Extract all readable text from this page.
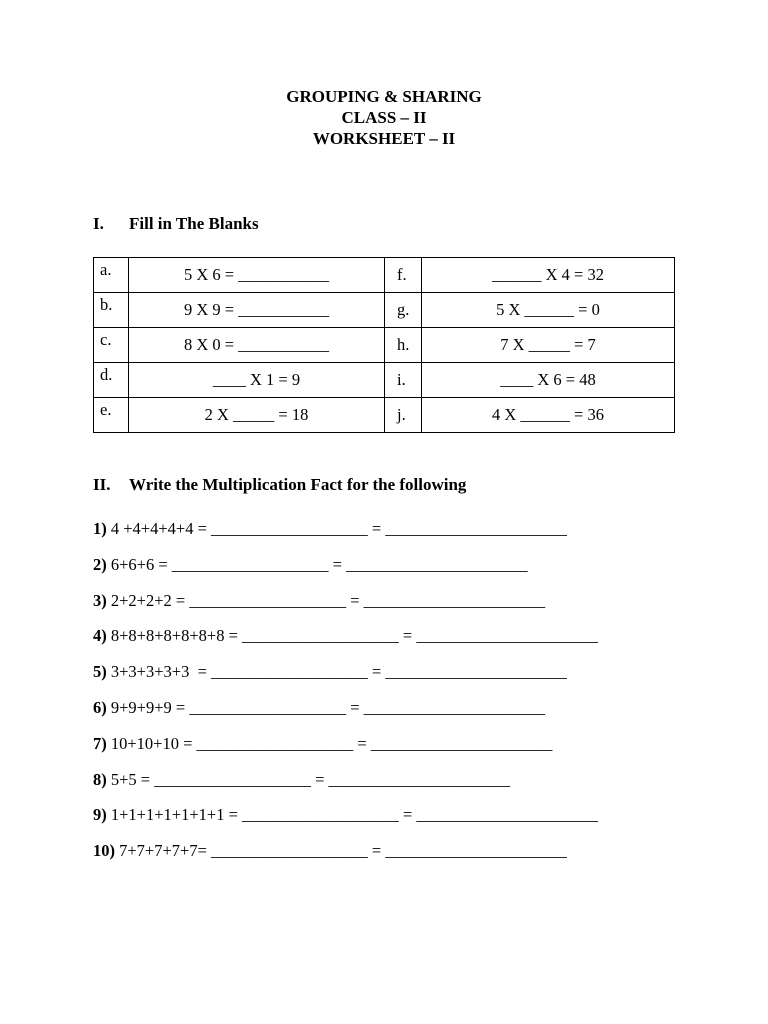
GROUPING & SHARING
CLASS – II
WORKSHEET – II
I. Fill in The Blanks
a.	5 X 6 = ___________	f.	______ X 4 = 32
b.	9 X 9 = ___________	g.	5 X ______ = 0
c.	8 X 0 = ___________	h.	7 X _____ = 7
d.	____ X 1 = 9	i.	____ X 6 = 48
e.	2 X _____ = 18	j.	4 X ______ = 36
II. Write the Multiplication Fact for the following
1) 4 +4+4+4+4 = ___________________ = ______________________
2) 6+6+6 = ___________________ = ______________________
3) 2+2+2+2 = ___________________ = ______________________
4) 8+8+8+8+8+8+8 = ___________________ = ______________________
5) 3+3+3+3+3  = ___________________ = ______________________
6) 9+9+9+9 = ___________________ = ______________________
7) 10+10+10 = ___________________ = ______________________
8) 5+5 = ___________________ = ______________________
9) 1+1+1+1+1+1+1 = ___________________ = ______________________
10) 7+7+7+7+7= ___________________ = ______________________
